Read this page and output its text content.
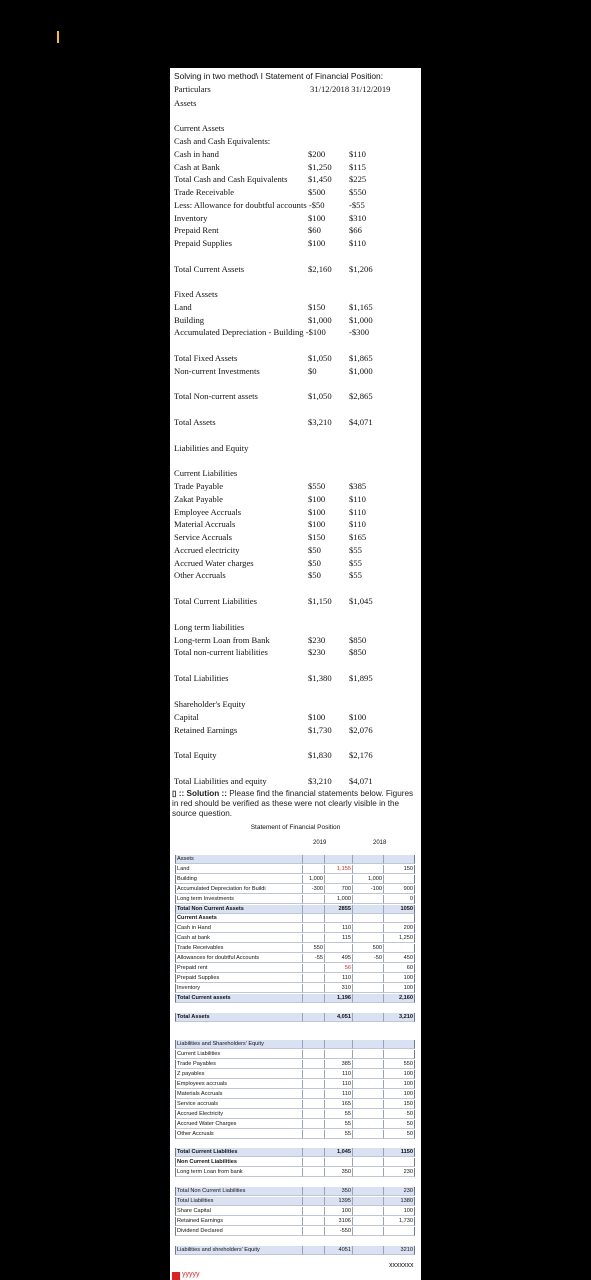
Solving in two method\ I Statement of Financial Position:
Particulars	31/12/2018 31/12/2019
Assets
Current Assets
Cash and Cash Equivalents:
Cash in hand	$200	$110
Cash at Bank	$1,250 $115
Total Cash and Cash Equivalents $1,450 $225
Trade Receivable	$500	$550
Less: Allowance for doubtful accounts -$50	-$55
Inventory	$100	$310
Prepaid Rent	$60	$66
Prepaid Supplies	$100	$110
Total Current Assets	$2,160 $1,206
Fixed Assets
Land	$150	$1,165
Building	$1,000 $1,000
Accumulated Depreciation - Building -$100	-$300
Total Fixed Assets	$1,050 $1,865
Non-current Investments	$0	$1,000
Total Non-current assets	$1,050 $2,865
Total Assets	$3,210 $4,071
Liabilities and Equity
Current Liabilities
Trade Payable	$550	$385
Zakat Payable	$100	$110
Employee Accruals	$100	$110
Material Accruals	$100	$110
Service Accruals	$150	$165
Accrued electricity	$50	$55
Accrued Water charges	$50	$55
Other Accruals	$50	$55
Total Current Liabilities	$1,150 $1,045
Long term liabilities
Long-term Loan from Bank	$230	$850
Total non-current liabilities	$230	$850
Total Liabilities	$1,380 $1,895
Shareholder's Equity
Capital	$100	$100
Retained Earnings	$1,730 $2,076
Total Equity	$1,830 $2,176
Total Liabilities and equity	$3,210 $4,071
▯ :: Solution :: Please find the financial statements below. Figures in red should be verified as these were not clearly visible in the source question.
Statement of Financial Position
2019	2018
Assets
Land	1,155	150
Building	1,000	1,000
Accumulated Depreciation for Buildi	-300	700	-100	900
Long term Investments	1,000	0
Total Non Current Assets	2855	1050
Current Assets
Cash in Hand	110	200
Cash at bank	115	1,250
Trade Receivables	550	500
Allowances for doubtful Accounts	-55	495	-50	450
Prepaid rent	56	60
Prepaid Supplies	110	100
Inventory	310	100
Total Current assets	1,196	2,160
Total Assets	4,051	3,210
Liabilities and Shareholders' Equity
Current Liabilities
Trade Payables	385	550
Z payables	110	100
Employees accruals	110	100
Materials Accruals	110	100
Service accruals	165	150
Accrued Electricity	55	50
Accrued Water Charges	55	50
Other Accruals	55	50
Total Current Liablities	1,045	1150
Non Current Liabilities
Long term Loan from bank	350	230
Total Non Current Liabilities	350	230
Total Liabilities	1395	1380
Share Capital	100	100
Retained Earnings	3106	1,730
Dividend Declared	-550
Liabilities and shreholders' Equity	4051	3210
xxxxxxx
yyyyy
